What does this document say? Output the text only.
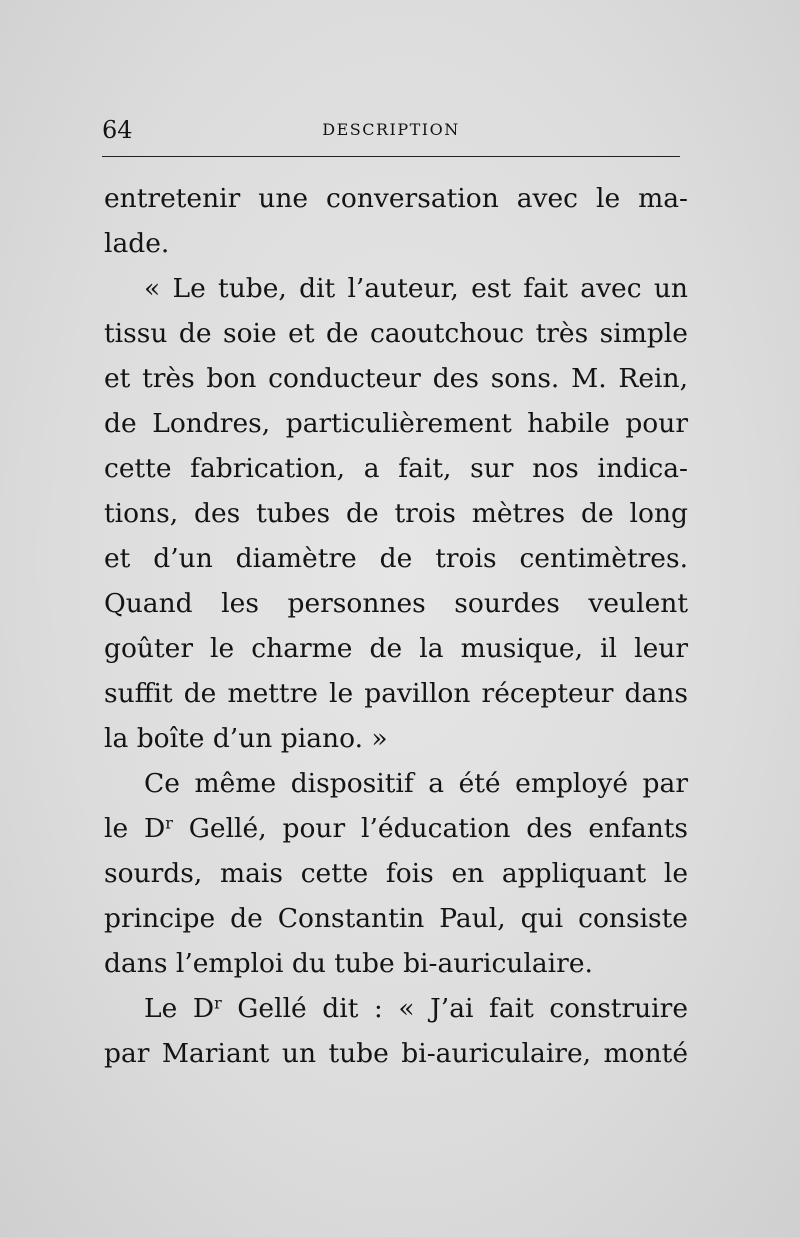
64	DESCRIPTION
entretenir une conversation avec le ma-
lade.
« Le tube, dit l’auteur, est fait avec un
tissu de soie et de caoutchouc très simple
et très bon conducteur des sons. M. Rein,
de Londres, particulièrement habile pour
cette fabrication, a fait, sur nos indica-
tions, des tubes de trois mètres de long
et d’un diamètre de trois centimètres.
Quand les personnes sourdes veulent
goûter le charme de la musique, il leur
suffit de mettre le pavillon récepteur dans
la boîte d’un piano. »
Ce même dispositif a été employé par
le $D^r$ Gellé, pour l’éducation des enfants
sourds, mais cette fois en appliquant le
principe de Constantin Paul, qui consiste
dans l’emploi du tube bi-auriculaire.
Le $D^r$ Gellé dit : « J’ai fait construire
par Mariant un tube bi-auriculaire, monté
